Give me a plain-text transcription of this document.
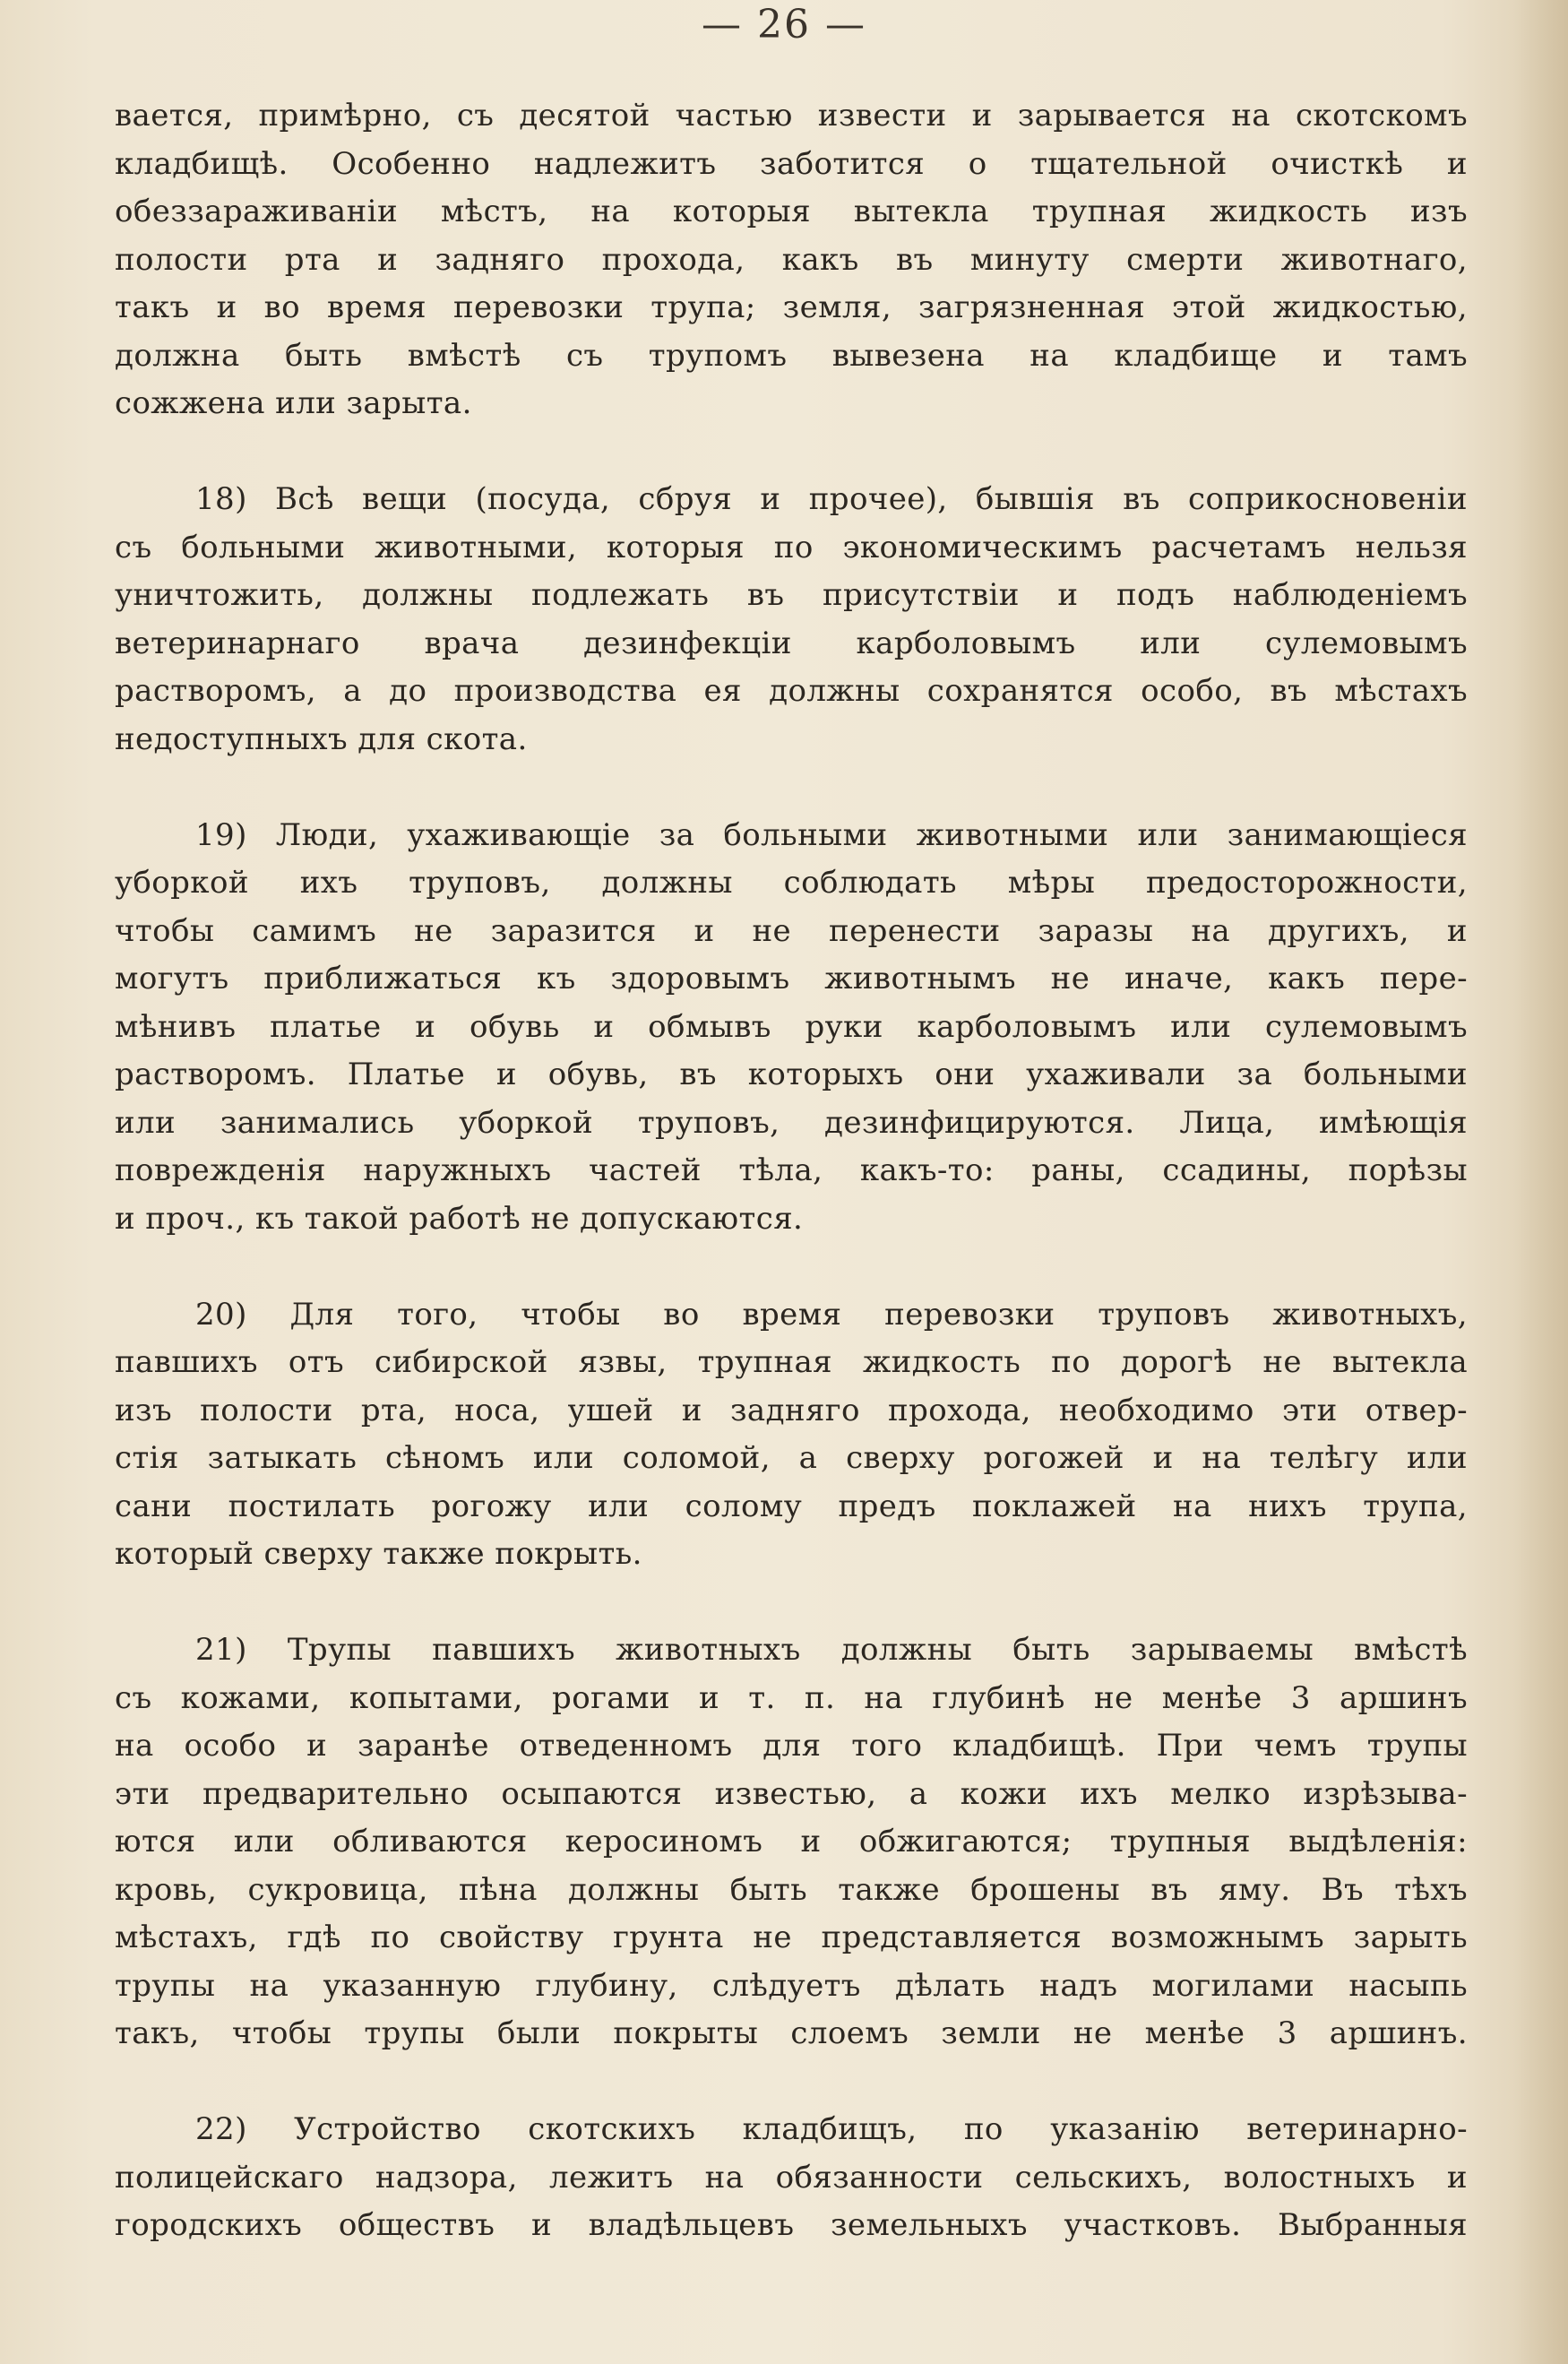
— 26 —
вается, примѣрно, съ десятой частью извести и зарывается на скотскомъ
кладбищѣ. Особенно надлежитъ заботится о тщательной очисткѣ и
обеззараживанiи мѣстъ, на которыя вытекла трупная жидкость изъ
полости рта и задняго прохода, какъ въ минуту смерти животнаго,
такъ и во время перевозки трупа; земля, загрязненная этой жидкостью,
должна быть вмѣстѣ съ трупомъ вывезена на кладбище и тамъ
сожжена или зарыта.
18) Всѣ вещи (посуда, сбруя и прочее), бывшiя въ соприкосновенiи
съ больными животными, которыя по экономическимъ расчетамъ нельзя
уничтожить, должны подлежать въ присутствiи и подъ наблюденiемъ
ветеринарнаго врача дезинфекцiи карболовымъ или сулемовымъ
растворомъ, а до производства ея должны сохранятся особо, въ мѣстахъ
недоступныхъ для скота.
19) Люди, ухаживающiе за больными животными или занимающiеся
уборкой ихъ труповъ, должны соблюдать мѣры предосторожности,
чтобы самимъ не заразится и не перенести заразы на другихъ, и
могутъ приближаться къ здоровымъ животнымъ не иначе, какъ пере-
мѣнивъ платье и обувь и обмывъ руки карболовымъ или сулемовымъ
растворомъ. Платье и обувь, въ которыхъ они ухаживали за больными
или занимались уборкой труповъ, дезинфицируются. Лица, имѣющiя
поврежденiя наружныхъ частей тѣла, какъ-то: раны, ссадины, порѣзы
и проч., къ такой работѣ не допускаются.
20) Для того, чтобы во время перевозки труповъ животныхъ,
павшихъ отъ сибирской язвы, трупная жидкость по дорогѣ не вытекла
изъ полости рта, носа, ушей и задняго прохода, необходимо эти отвер-
стiя затыкать сѣномъ или соломой, а сверху рогожей и на телѣгу или
сани постилать рогожу или солому предъ поклажей на нихъ трупа,
который сверху также покрыть.
21) Трупы павшихъ животныхъ должны быть зарываемы вмѣстѣ
съ кожами, копытами, рогами и т. п. на глубинѣ не менѣе 3 аршинъ
на особо и заранѣе отведенномъ для того кладбищѣ. При чемъ трупы
эти предварительно осыпаются известью, а кожи ихъ мелко изрѣзыва-
ются или обливаются керосиномъ и обжигаются; трупныя выдѣленiя:
кровь, сукровица, пѣна должны быть также брошены въ яму. Въ тѣхъ
мѣстахъ, гдѣ по свойству грунта не представляется возможнымъ зарыть
трупы на указанную глубину, слѣдуетъ дѣлать надъ могилами насыпь
такъ, чтобы трупы были покрыты слоемъ земли не менѣе 3 аршинъ.
22) Устройство скотскихъ кладбищъ, по указанiю ветеринарно-
полицейскаго надзора, лежитъ на обязанности сельскихъ, волостныхъ и
городскихъ обществъ и владѣльцевъ земельныхъ участковъ. Выбранныя
